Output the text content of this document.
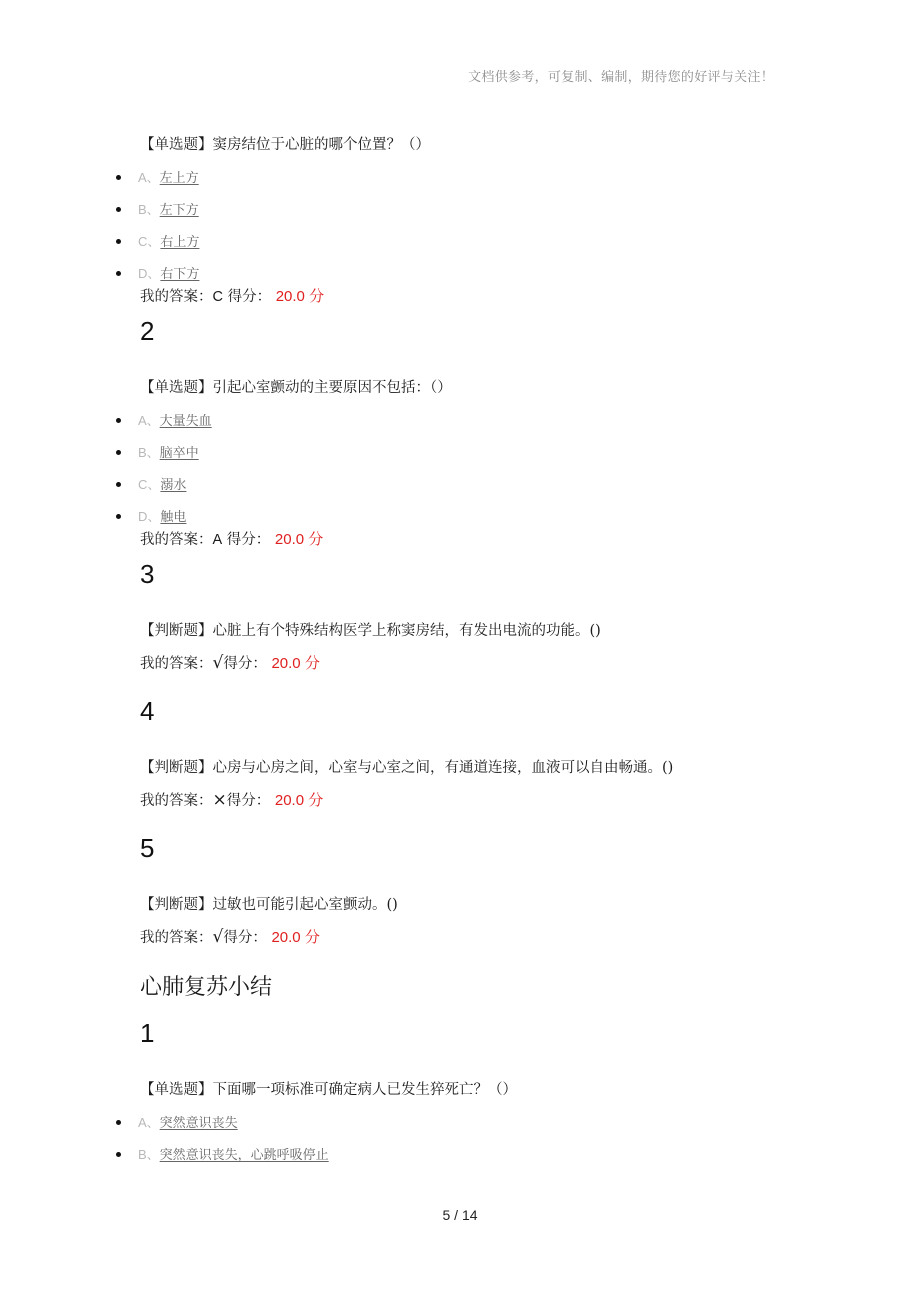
文档供参考，可复制、编制，期待您的好评与关注！
【单选题】窦房结位于心脏的哪个位置？（）
A、左上方
B、左下方
C、右上方
D、右下方
我的答案：C 得分： 20.0 分
2
【单选题】引起心室颤动的主要原因不包括：（）
A、大量失血
B、脑卒中
C、溺水
D、触电
我的答案：A 得分： 20.0 分
3
【判断题】心脏上有个特殊结构医学上称窦房结，有发出电流的功能。()
我的答案：√得分： 20.0 分
4
【判断题】心房与心房之间，心室与心室之间，有通道连接，血液可以自由畅通。()
我的答案：×得分： 20.0 分
5
【判断题】过敏也可能引起心室颤动。()
我的答案：√得分： 20.0 分
心肺复苏小结
1
【单选题】下面哪一项标准可确定病人已发生猝死亡？（）
A、突然意识丧失
B、突然意识丧失，心跳呼吸停止
5 / 14
